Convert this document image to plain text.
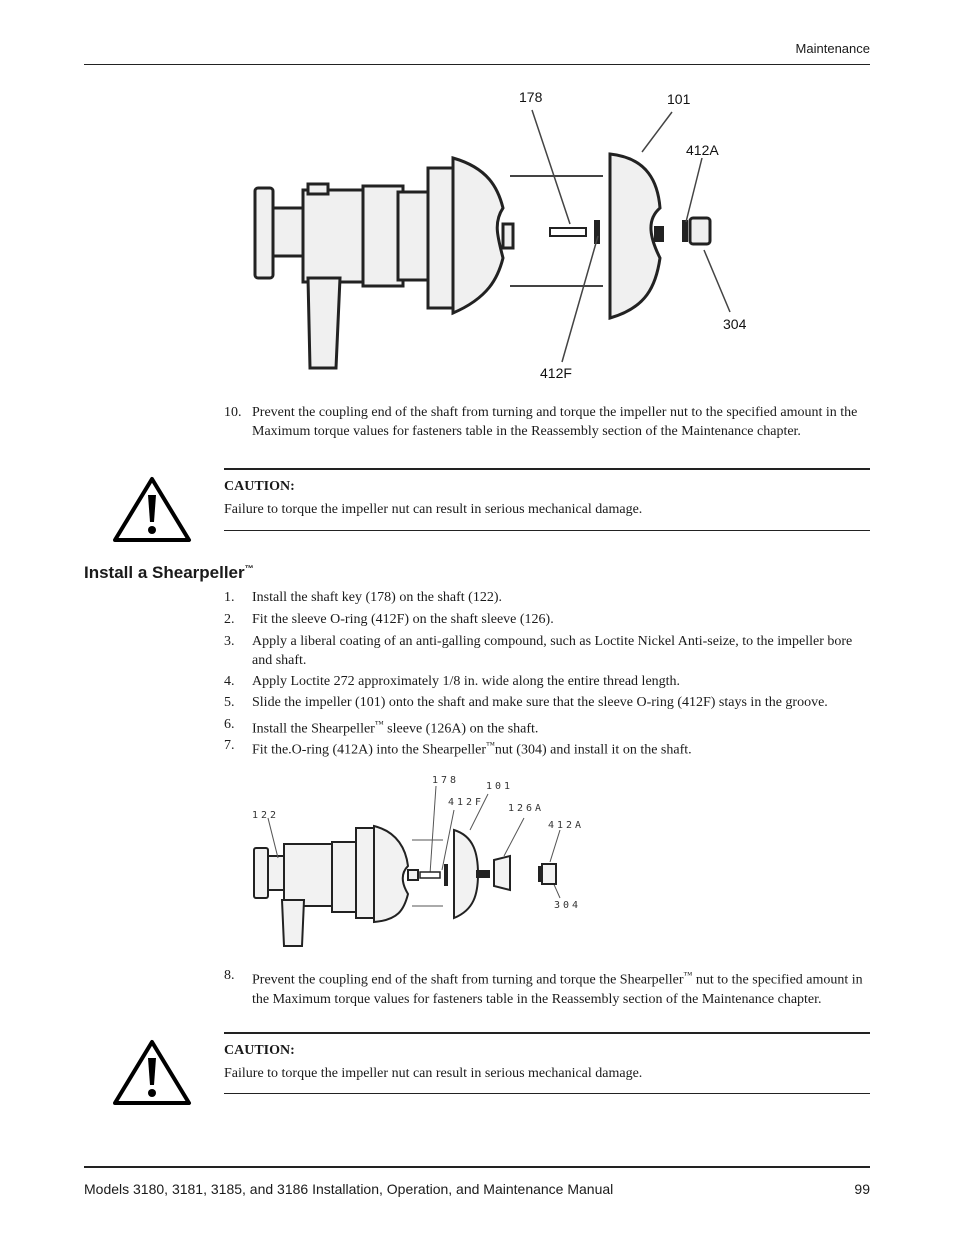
Maintenance
178	101
412A
304
412F
10. Prevent the coupling end of the shaft from turning and torque the impeller nut to the specified amount in the Maximum torque values for fasteners table in the Reassembly section of the Maintenance chapter.
CAUTION:
Failure to torque the impeller nut can result in serious mechanical damage.
Install a Shearpeller™
1. Install the shaft key (178) on the shaft (122).
2. Fit the sleeve O-ring (412F) on the shaft sleeve (126).
3. Apply a liberal coating of an anti-galling compound, such as Loctite Nickel Anti-seize, to the impeller bore and shaft.
4. Apply Loctite 272 approximately 1/8 in. wide along the entire thread length.
5. Slide the impeller (101) onto the shaft and make sure that the sleeve O-ring (412F) stays in the groove.
6. Install the Shearpeller™ sleeve (126A) on the shaft.
7. Fit the.O-ring (412A) into the Shearpeller™nut (304) and install it on the shaft.
122
178
101
412F
126A
412A
304
8. Prevent the coupling end of the shaft from turning and torque the Shearpeller™ nut to the specified amount in the Maximum torque values for fasteners table in the Reassembly section of the Maintenance chapter.
CAUTION:
Failure to torque the impeller nut can result in serious mechanical damage.
Models 3180, 3181, 3185, and 3186 Installation, Operation, and Maintenance Manual	99
